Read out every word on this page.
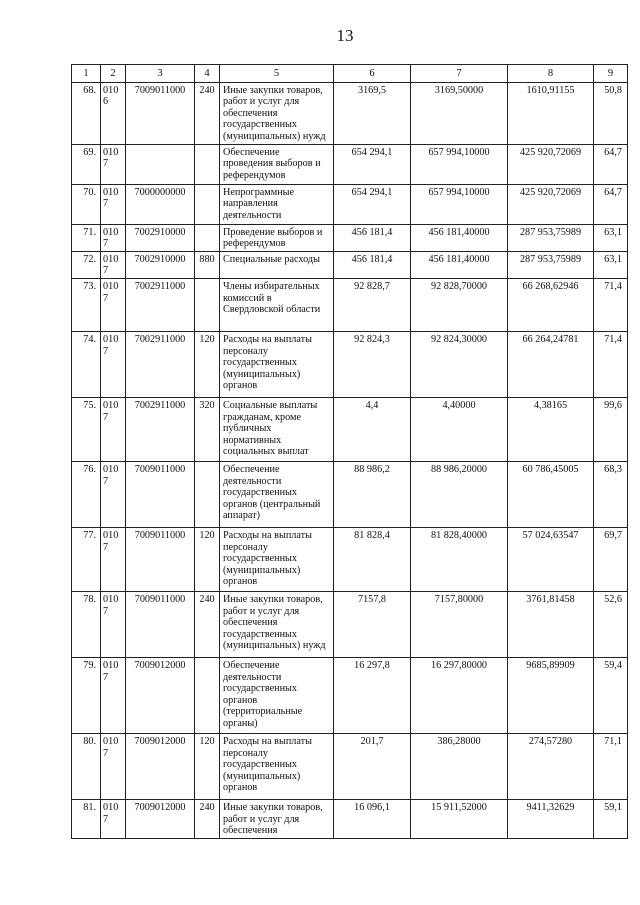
13
1	2	3	4	5	6	7	8	9
68.	0106	7009011000	240	Иные закупки товаров, работ и услуг для обеспечения государственных (муниципальных) нужд	3169,5	3169,50000	1610,91155	50,8
69.	0107			Обеспечение проведения выборов и референдумов	654 294,1	657 994,10000	425 920,72069	64,7
70.	0107	7000000000		Непрограммные направления деятельности	654 294,1	657 994,10000	425 920,72069	64,7
71.	0107	7002910000		Проведение выборов и референдумов	456 181,4	456 181,40000	287 953,75989	63,1
72.	0107	7002910000	880	Специальные расходы	456 181,4	456 181,40000	287 953,75989	63,1
73.	0107	7002911000		Члены избирательных комиссий в Свердловской области	92 828,7	92 828,70000	66 268,62946	71,4
74.	0107	7002911000	120	Расходы на выплаты персоналу государственных (муниципальных) органов	92 824,3	92 824,30000	66 264,24781	71,4
75.	0107	7002911000	320	Социальные выплаты гражданам, кроме публичных нормативных социальных выплат	4,4	4,40000	4,38165	99,6
76.	0107	7009011000		Обеспечение деятельности государственных органов (центральный аппарат)	88 986,2	88 986,20000	60 786,45005	68,3
77.	0107	7009011000	120	Расходы на выплаты персоналу государственных (муниципальных) органов	81 828,4	81 828,40000	57 024,63547	69,7
78.	0107	7009011000	240	Иные закупки товаров, работ и услуг для обеспечения государственных (муниципальных) нужд	7157,8	7157,80000	3761,81458	52,6
79.	0107	7009012000		Обеспечение деятельности государственных органов (территориальные органы)	16 297,8	16 297,80000	9685,89909	59,4
80.	0107	7009012000	120	Расходы на выплаты персоналу государственных (муниципальных) органов	201,7	386,28000	274,57280	71,1
81.	0107	7009012000	240	Иные закупки товаров, работ и услуг для обеспечения	16 096,1	15 911,52000	9411,32629	59,1
